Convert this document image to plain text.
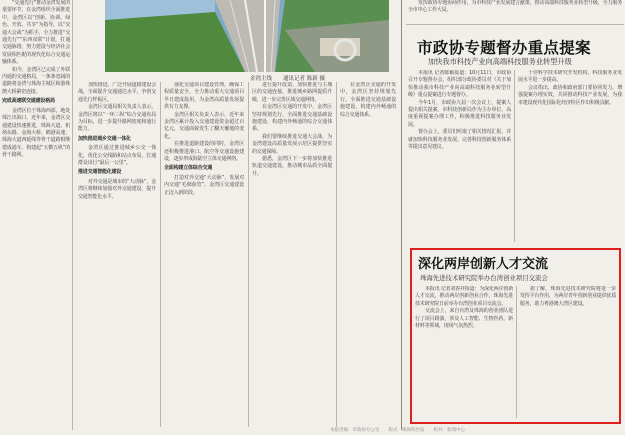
“交通先行”推动金湾发展的重要环节，在金湾组织全面推进中，金湾区以“创新、协调、绿色、开放、共享”为指导，以“交通大会战”为抓手，全力推进“交通先行”“东西双联”计划，打通交通脉络，努力建设与经济社会发展相匹配的现代化综合交通运输体系。

如今，金湾区已完成了外联内通的交通格局，一条条宽阔的道路将金湾与珠海主城区和港珠澳大桥紧密连接。

完成高速联交通建设格局

金湾区位于珠海西部，地处珠江出海口，近年来，金湾区交通建设快速推进，珠海大道、机场东路、金海大桥、鹤港高速、珠海大道西延线等骨干道路相继建成通车，构建起“五横五纵”的骨干路网。

金湾主线　　通讯记者 陈新 摄

加快推进，广泛开展道路建设会战，全面提升交通通达水平，争创交通先行样板区。

金湾区交通局相关负责人表示，金湾区将以“一环三纵”综合交通布局为目标，进一步提升路网密度和通行能力。

加快推进城乡交通一体化

金湾区通过推进城乡公交一体化，优化公交线路和站点布局，打通群众出行“最后一公里”。

推进交通智能化建设

对外交通是城市的“大动脉”，金湾区将继续加强对外交通建设，提升交通智能化水平。

强化交通项目建设管理，确保工程质量安全，全力推动重大交通项目早日建成投用，为金湾高质量发展提供有力支撑。

金湾区相关负责人表示，近年来金湾区累计投入交通建设资金超过百亿元，交通面貌发生了翻天覆地的变化。

在推进道路建设的同时，金湾区还积极推进港口、航空等交通设施建设，逐步形成海陆空立体交通网络。

全面构建立体综合交通

打造对外交通“大动脉”，发展对内交通“毛细血管”，金湾区交通建设正迈入新阶段。

进行提升改造，加快推进与主城区的交通连接，推进城乡路网提质升级，进一步完善区域交通网络。

在金湾区交通的开发中，金湾区坚持规划先行，全面推进交通基础设施建设，构建内外畅通的综合交通体系。

我们要继续推进交通大会战，为金湾建设高质量发展示范区提供坚实的交通保障。

据悉，金湾区下一步将加快推进轨道交通建设，推动城市品质全面提升。

在金湾区交通的开发中，金湾区坚持规划先行，全面推进交通基础设施建设，构建内外畅通的综合交通体系。

发挥政协专题协商作用，为市科技产业发展建言献策，推动高端科技服务业转型升级，全力服务全市中心工作大局。

市政协专题督办重点提案
加快我市科技产业向高端科技服务业转型升级

本报讯 记者陈颖报道：10月11日，市政协召开专题督办会，组织部分政协委员对《关于加快推动我市科技产业向高端科技服务业转型升级》重点提案进行专题督办。

今年1月，市政协九届一次会议上，提案人提出相关提案。市科技创新局作为主办单位，高度重视提案办理工作，积极推进科技服务业发展。

督办会上，委员们听取了相关情况汇报，并就加快科技服务业发展、完善科技创新服务体系等提出意见建议。

十佳科学技术研究开发机构，科技服务业发展水平进一步提高。

会议指出，政协和政府部门要协同发力，增强提案办理实效，共同推动科技产业发展，为我市建设现代化国际化经济特区作出积极贡献。

深化两岸创新人才交流
珠海先进技术研究院举办台湾创业项目交流会

本报讯 记者刘春祥报道：为深化两岸创新人才交流，推动两岸创新创业合作，珠海先进技术研究院日前举办台湾创业项目交流会。

交流会上，来自台湾及珠海的创业团队进行了项目路演，涉及人工智能、生物医药、新材料等领域，现场气氛热烈。

据了解，珠海先进技术研究院将进一步发挥平台作用，为两岸青年创新创业提供优质服务，助力粤港澳大湾区建设。

本版责编：市政协办公室　　版式：珠海特区报　　校对：新闻中心
